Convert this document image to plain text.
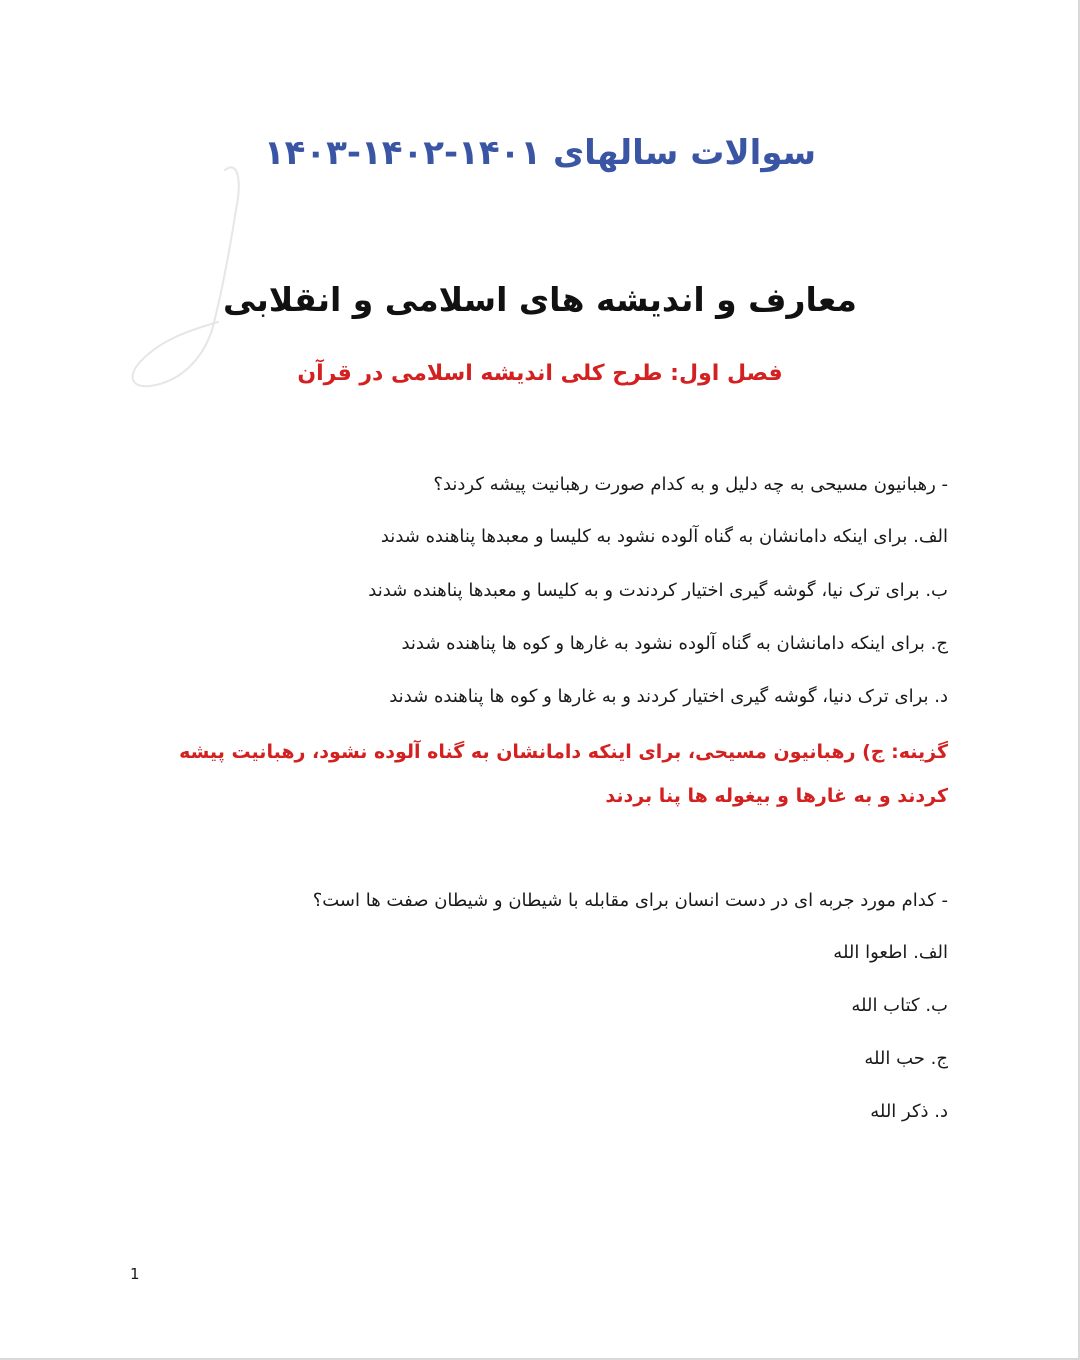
سوالات سالهای ۱۴۰۱-۱۴۰۲-۱۴۰۳
معارف و اندیشه های اسلامی و انقلابی
فصل اول: طرح کلی اندیشه اسلامی در قرآن
- رهبانیون مسیحی به چه دلیل و به کدام صورت رهبانیت پیشه کردند؟
الف. برای اینکه دامانشان به گناه آلوده نشود به کلیسا و معبدها پناهنده شدند
ب. برای ترک نیا، گوشه گیری اختیار کردندت و به کلیسا و معبدها پناهنده شدند
ج. برای اینکه دامانشان به گناه آلوده نشود به غارها و کوه ها پناهنده شدند
د. برای ترک دنیا، گوشه گیری اختیار کردند و به غارها و کوه ها پناهنده شدند
گزینه: ج) رهبانیون مسیحی، برای اینکه دامانشان به گناه آلوده نشود، رهبانیت پیشه کردند و به غارها و بیغوله ها پنا بردند
- کدام مورد جربه ای در دست انسان برای مقابله با شیطان و شیطان صفت ها است؟
الف. اطعوا الله
ب. کتاب الله
ج. حب الله
د. ذکر الله
1
